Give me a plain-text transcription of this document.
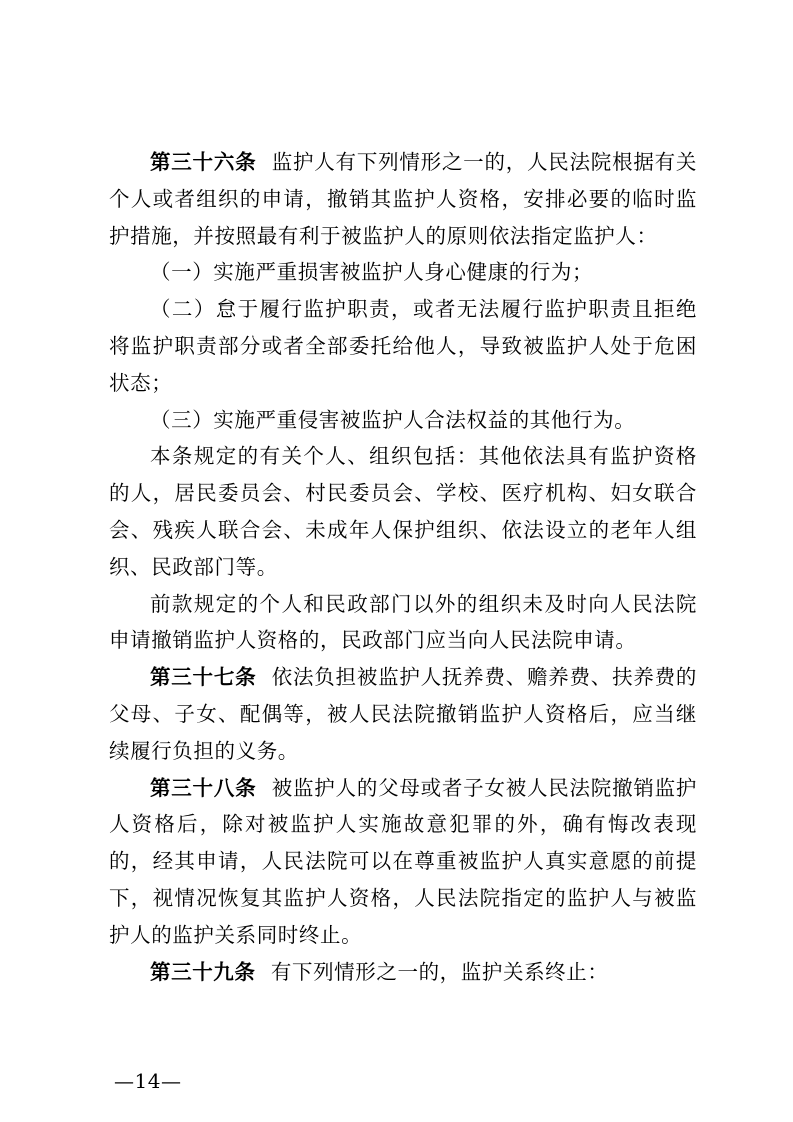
第三十六条 监护人有下列情形之一的，人民法院根据有关个人或者组织的申请，撤销其监护人资格，安排必要的临时监护措施，并按照最有利于被监护人的原则依法指定监护人：

（一）实施严重损害被监护人身心健康的行为；

（二）怠于履行监护职责，或者无法履行监护职责且拒绝将监护职责部分或者全部委托给他人，导致被监护人处于危困状态；

（三）实施严重侵害被监护人合法权益的其他行为。

本条规定的有关个人、组织包括：其他依法具有监护资格的人，居民委员会、村民委员会、学校、医疗机构、妇女联合会、残疾人联合会、未成年人保护组织、依法设立的老年人组织、民政部门等。

前款规定的个人和民政部门以外的组织未及时向人民法院申请撤销监护人资格的，民政部门应当向人民法院申请。

第三十七条 依法负担被监护人抚养费、赡养费、扶养费的父母、子女、配偶等，被人民法院撤销监护人资格后，应当继续履行负担的义务。

第三十八条 被监护人的父母或者子女被人民法院撤销监护人资格后，除对被监护人实施故意犯罪的外，确有悔改表现的，经其申请，人民法院可以在尊重被监护人真实意愿的前提下，视情况恢复其监护人资格，人民法院指定的监护人与被监护人的监护关系同时终止。

第三十九条 有下列情形之一的，监护关系终止：

—14—
